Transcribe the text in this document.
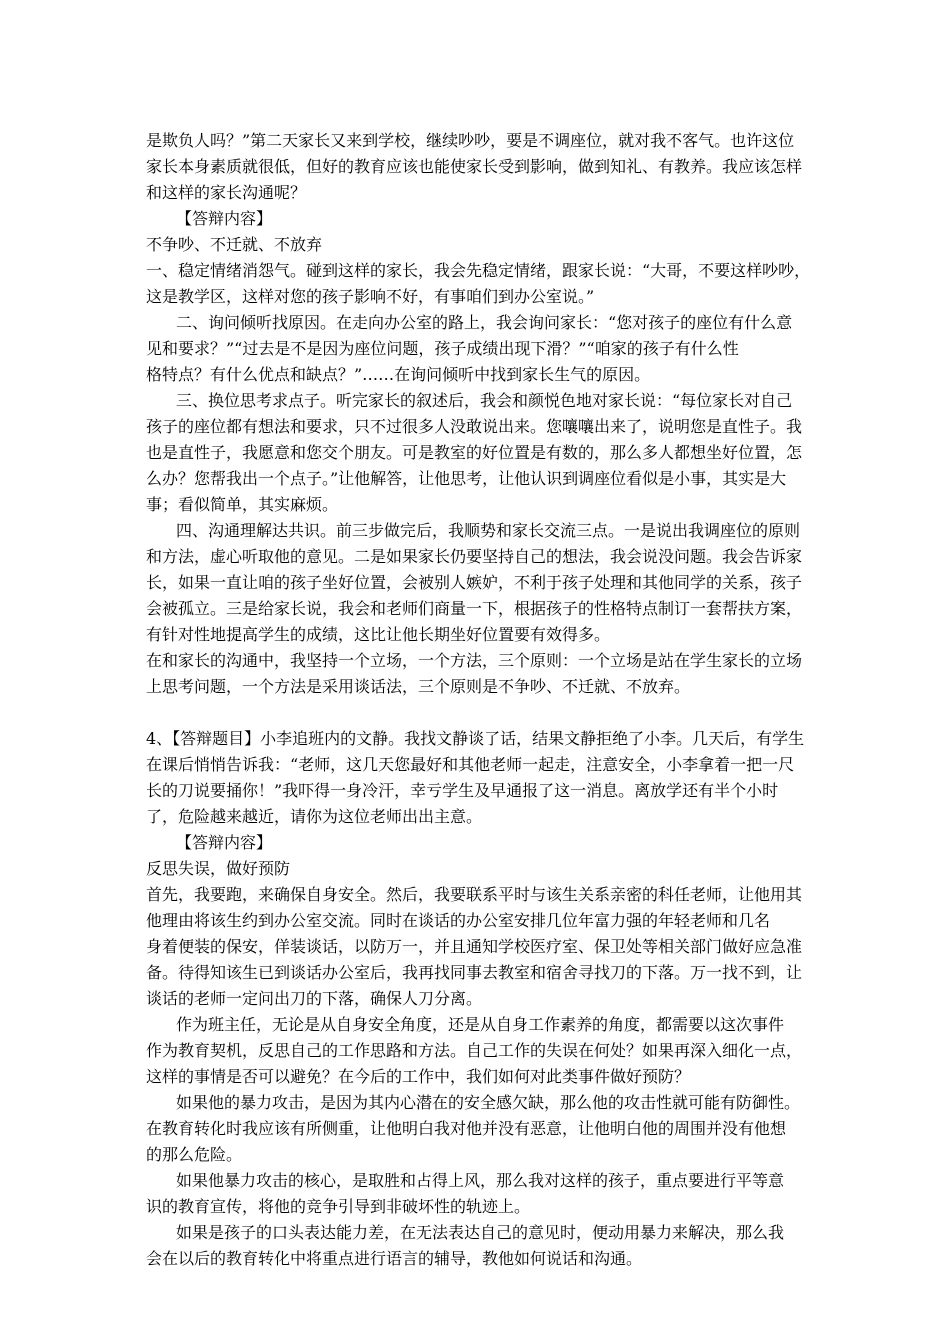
是欺负人吗？”第二天家长又来到学校，继续吵吵，要是不调座位，就对我不客气。也许这位
家长本身素质就很低，但好的教育应该也能使家长受到影响，做到知礼、有教养。我应该怎样
和这样的家长沟通呢？
【答辩内容】
不争吵、不迁就、不放弃
一、稳定情绪消怨气。碰到这样的家长，我会先稳定情绪，跟家长说：“大哥，不要这样吵吵，
这是教学区，这样对您的孩子影响不好，有事咱们到办公室说。”
二、询问倾听找原因。在走向办公室的路上，我会询问家长：“您对孩子的座位有什么意
见和要求？”“过去是不是因为座位问题，孩子成绩出现下滑？”“咱家的孩子有什么性
格特点？有什么优点和缺点？”……在询问倾听中找到家长生气的原因。
三、换位思考求点子。听完家长的叙述后，我会和颜悦色地对家长说：“每位家长对自己
孩子的座位都有想法和要求，只不过很多人没敢说出来。您嚷嚷出来了，说明您是直性子。我
也是直性子，我愿意和您交个朋友。可是教室的好位置是有数的，那么多人都想坐好位置，怎
么办？您帮我出一个点子。”让他解答，让他思考，让他认识到调座位看似是小事，其实是大
事；看似简单，其实麻烦。
四、沟通理解达共识。前三步做完后，我顺势和家长交流三点。一是说出我调座位的原则
和方法，虚心听取他的意见。二是如果家长仍要坚持自己的想法，我会说没问题。我会告诉家
长，如果一直让咱的孩子坐好位置，会被别人嫉妒，不利于孩子处理和其他同学的关系，孩子
会被孤立。三是给家长说，我会和老师们商量一下，根据孩子的性格特点制订一套帮扶方案，
有针对性地提高学生的成绩，这比让他长期坐好位置要有效得多。
在和家长的沟通中，我坚持一个立场，一个方法，三个原则：一个立场是站在学生家长的立场
上思考问题，一个方法是采用谈话法，三个原则是不争吵、不迁就、不放弃。
4、【答辩题目】小李追班内的文静。我找文静谈了话，结果文静拒绝了小李。几天后，有学生
在课后悄悄告诉我：“老师，这几天您最好和其他老师一起走，注意安全，小李拿着一把一尺
长的刀说要捅你！”我吓得一身冷汗，幸亏学生及早通报了这一消息。离放学还有半个小时
了，危险越来越近，请你为这位老师出出主意。
【答辩内容】
反思失误，做好预防
首先，我要跑，来确保自身安全。然后，我要联系平时与该生关系亲密的科任老师，让他用其
他理由将该生约到办公室交流。同时在谈话的办公室安排几位年富力强的年轻老师和几名
身着便装的保安，佯装谈话，以防万一，并且通知学校医疗室、保卫处等相关部门做好应急准
备。待得知该生已到谈话办公室后，我再找同事去教室和宿舍寻找刀的下落。万一找不到，让
谈话的老师一定问出刀的下落，确保人刀分离。
作为班主任，无论是从自身安全角度，还是从自身工作素养的角度，都需要以这次事件
作为教育契机，反思自己的工作思路和方法。自己工作的失误在何处？如果再深入细化一点，
这样的事情是否可以避免？在今后的工作中，我们如何对此类事件做好预防？
如果他的暴力攻击，是因为其内心潜在的安全感欠缺，那么他的攻击性就可能有防御性。
在教育转化时我应该有所侧重，让他明白我对他并没有恶意，让他明白他的周围并没有他想
的那么危险。
如果他暴力攻击的核心，是取胜和占得上风，那么我对这样的孩子，重点要进行平等意
识的教育宣传，将他的竞争引导到非破坏性的轨迹上。
如果是孩子的口头表达能力差，在无法表达自己的意见时，便动用暴力来解决，那么我
会在以后的教育转化中将重点进行语言的辅导，教他如何说话和沟通。
